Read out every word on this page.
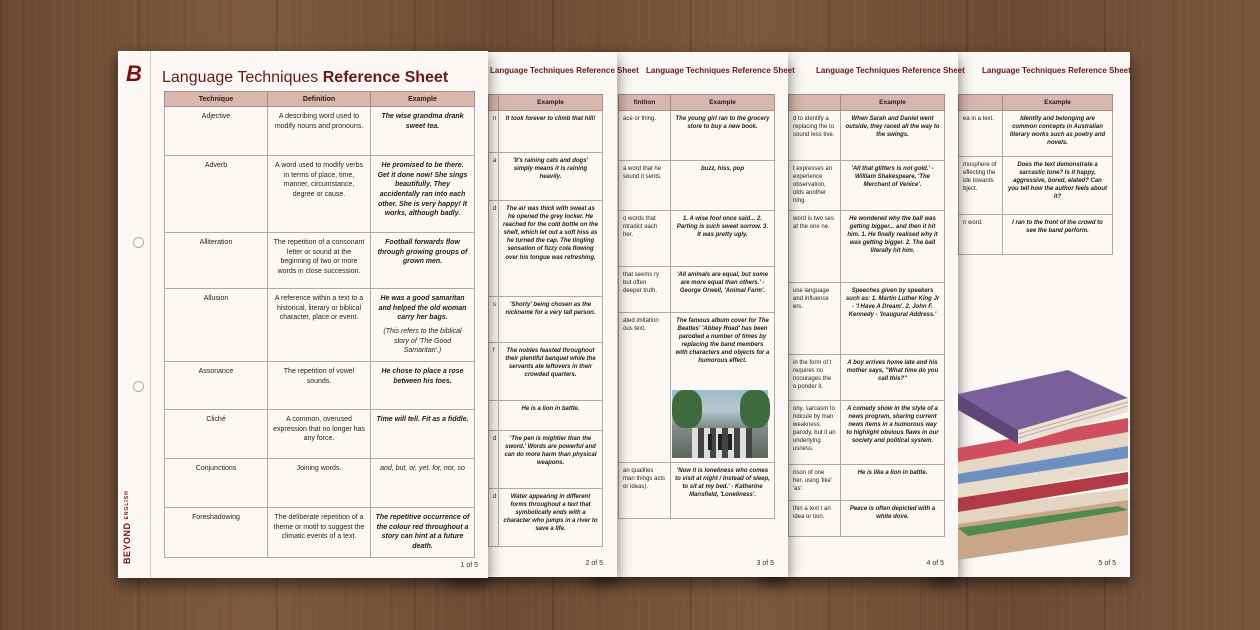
Language Techniques Reference Sheet
	Example
ea in a text.	Identity and belonging are common concepts in Australian literary works such as poetry and novels.
mosphere of eflecting the ide towards bject.	Does the text demonstrate a sarcastic tone? Is it happy, aggressive, bored, elated? Can you tell how the author feels about it?
n word.	I ran to the front of the crowd to see the band perform.
5 of 5
Language Techniques Reference Sheet
	Example
d to identify a replacing the to sound less tive.	When Sarah and Daniel went outside, they raced all the way to the swings.
t expresses an experience observation, olds another ning.	'All that glitters is not gold.' - William Shakespeare, 'The Merchant of Venice'.
word is two ses at the one ne.	He wondered why the ball was getting bigger... and then it hit him. 1. He finally realised why it was getting bigger. 2. The ball literally hit him.
use language and influence ers.	Speeches given by speakers such as: 1. Martin Luther King Jr - 'I Have A Dream'. 2. John F. Kennedy - 'Inaugural Address.'
in the form of t requires no ncourages the o ponder it.	A boy arrives home late and his mother says, "What time do you call this?"
ony, sarcasm to ridicule by man weakness. parody, but it an underlying usness.	A comedy show in the style of a news program, sharing current news items in a humorous way to highlight obvious flaws in our society and political system.
rison of one her, using 'like' 'as'.	He is like a lion in battle.
thin a text t an idea or tion.	Peace is often depicted with a white dove.
4 of 5
Language Techniques Reference Sheet
finition	Example
ace or thing.	The young girl ran to the grocery store to buy a new book.
a word that he sound it sents.	buzz, hiss, pop
o words that ntradict each her.	1. A wise fool once said... 2. Parting is such sweet sorrow. 3. It was pretty ugly.
that seems ry but often deeper truth.	'All animals are equal, but some are more equal than others.' - George Orwell, 'Animal Farm'.
ated imitation ous text.	The famous album cover for The Beatles' 'Abbey Road' has been parodied a number of times by replacing the band members with characters and objects for a humorous effect.
an qualities man things acts or ideas).	'Now it is loneliness who comes to visit at night / Instead of sleep, to sit at my bed.' - Katherine Mansfield, 'Loneliness'.
3 of 5
Language Techniques Reference Sheet
	Example
n	It took forever to climb that hill!
a	'It's raining cats and dogs' simply means it is raining heavily.
d	The air was thick with sweat as he opened the grey locker. He reached for the cold bottle on the shelf, which let out a soft hiss as he turned the cap. The tingling sensation of fizzy cola flowing over his tongue was refreshing.
s	'Shorty' being chosen as the nickname for a very tall person.
f	The nobles feasted throughout their plentiful banquet while the servants ate leftovers in their crowded quarters.
	He is a lion in battle.
d	'The pen is mightier than the sword.' Words are powerful and can do more harm than physical weapons.
d	Water appearing in different forms throughout a text that symbolically ends with a character who jumps in a river to save a life.
2 of 5
B
BEYOND ENGLISH
Language Techniques Reference Sheet
Technique	Definition	Example
Adjective	A describing word used to modify nouns and pronouns.	The wise grandma drank sweet tea.
Adverb	A word used to modify verbs in terms of place, time, manner, circumstance, degree or cause.	He promised to be there. Get it done now! She sings beautifully. They accidentally ran into each other. She is very happy! It works, although badly.
Alliteration	The repetition of a consonant letter or sound at the beginning of two or more words in close succession.	Football forwards flow through growing groups of grown men.
Allusion	A reference within a text to a historical, literary or biblical character, place or event.	He was a good samaritan and helped the old woman carry her bags.
(This refers to the biblical story of 'The Good Samaritan'.)

Assonance	The repetition of vowel sounds.	He chose to place a rose between his toes.
Cliché	A common, overused expression that no longer has any force.	Time will tell. Fit as a fiddle.
Conjunctions	Joining words.	and, but, or, yet, for, nor, so
Foreshadowing	The deliberate repetition of a theme or motif to suggest the climatic events of a text.	The repetitive occurrence of the colour red throughout a story can hint at a future death.
1 of 5
